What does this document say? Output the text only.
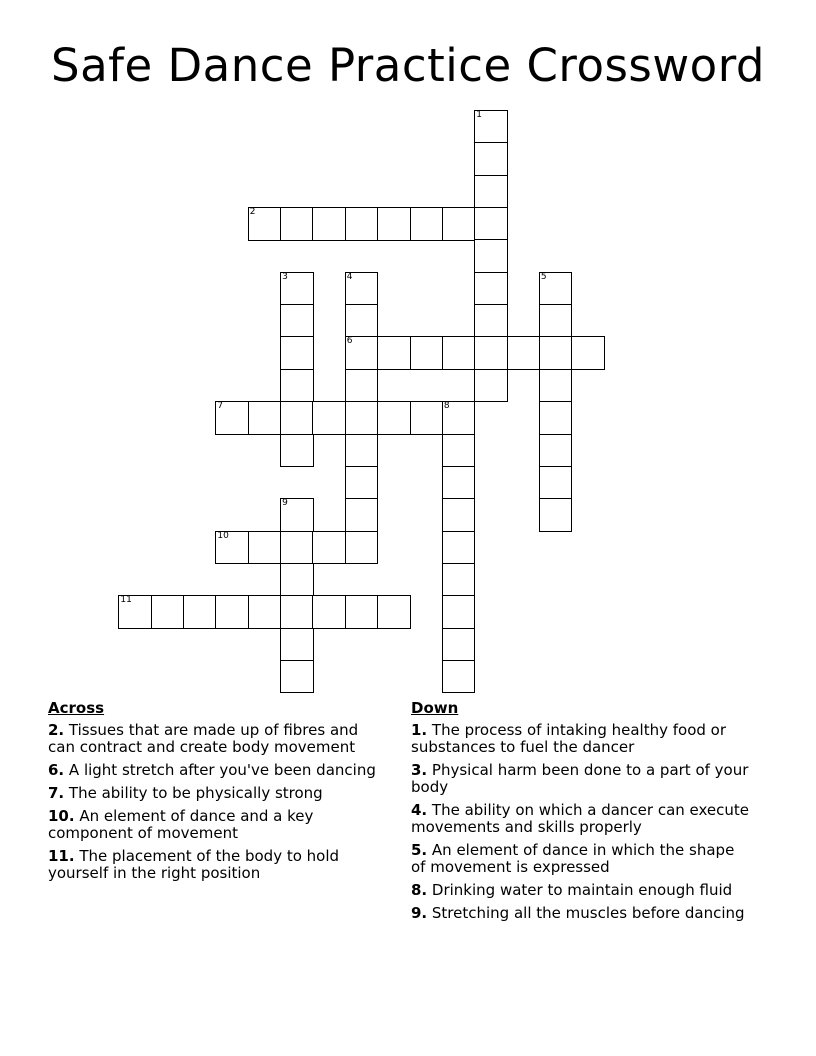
Safe Dance Practice Crossword
1
2
3	4
6
5
7	8
9
10
11
Across
2. Tissues that are made up of fibres and can contract and create body movement
6. A light stretch after you've been dancing
7. The ability to be physically strong
10. An element of dance and a key component of movement
11. The placement of the body to hold yourself in the right position
Down
1. The process of intaking healthy food or substances to fuel the dancer
3. Physical harm been done to a part of your body
4. The ability on which a dancer can execute movements and skills properly
5. An element of dance in which the shape of movement is expressed
8. Drinking water to maintain enough fluid
9. Stretching all the muscles before dancing
